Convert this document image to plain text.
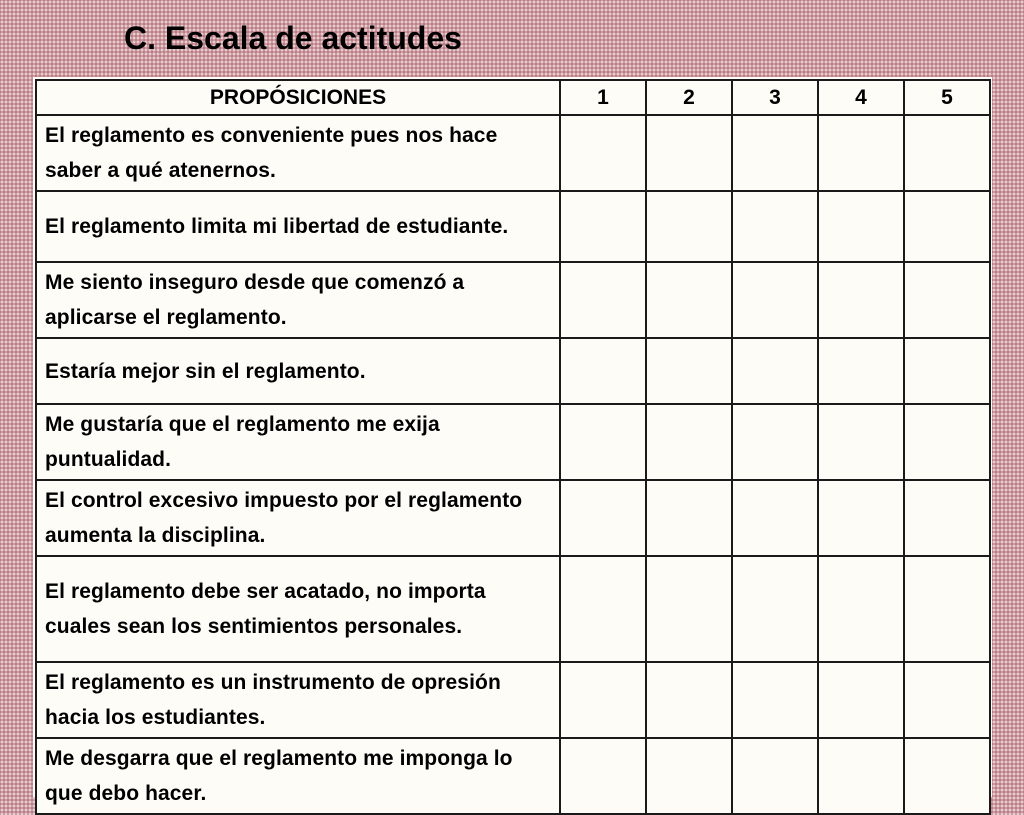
C. Escala de actitudes
PROPÓSICIONES	1	2	3	4	5
El reglamento es conveniente pues nos hace saber a qué atenernos.					
El reglamento limita mi libertad de estudiante.					
Me siento inseguro desde que comenzó a aplicarse el reglamento.					
Estaría mejor sin el reglamento.					
Me gustaría que el reglamento me exija puntualidad.					
El control excesivo impuesto por el reglamento aumenta la disciplina.					
El reglamento debe ser acatado, no importa cuales sean los sentimientos personales.					
El reglamento es un instrumento de opresión hacia los estudiantes.					
Me desgarra que el reglamento me imponga lo que debo hacer.					
